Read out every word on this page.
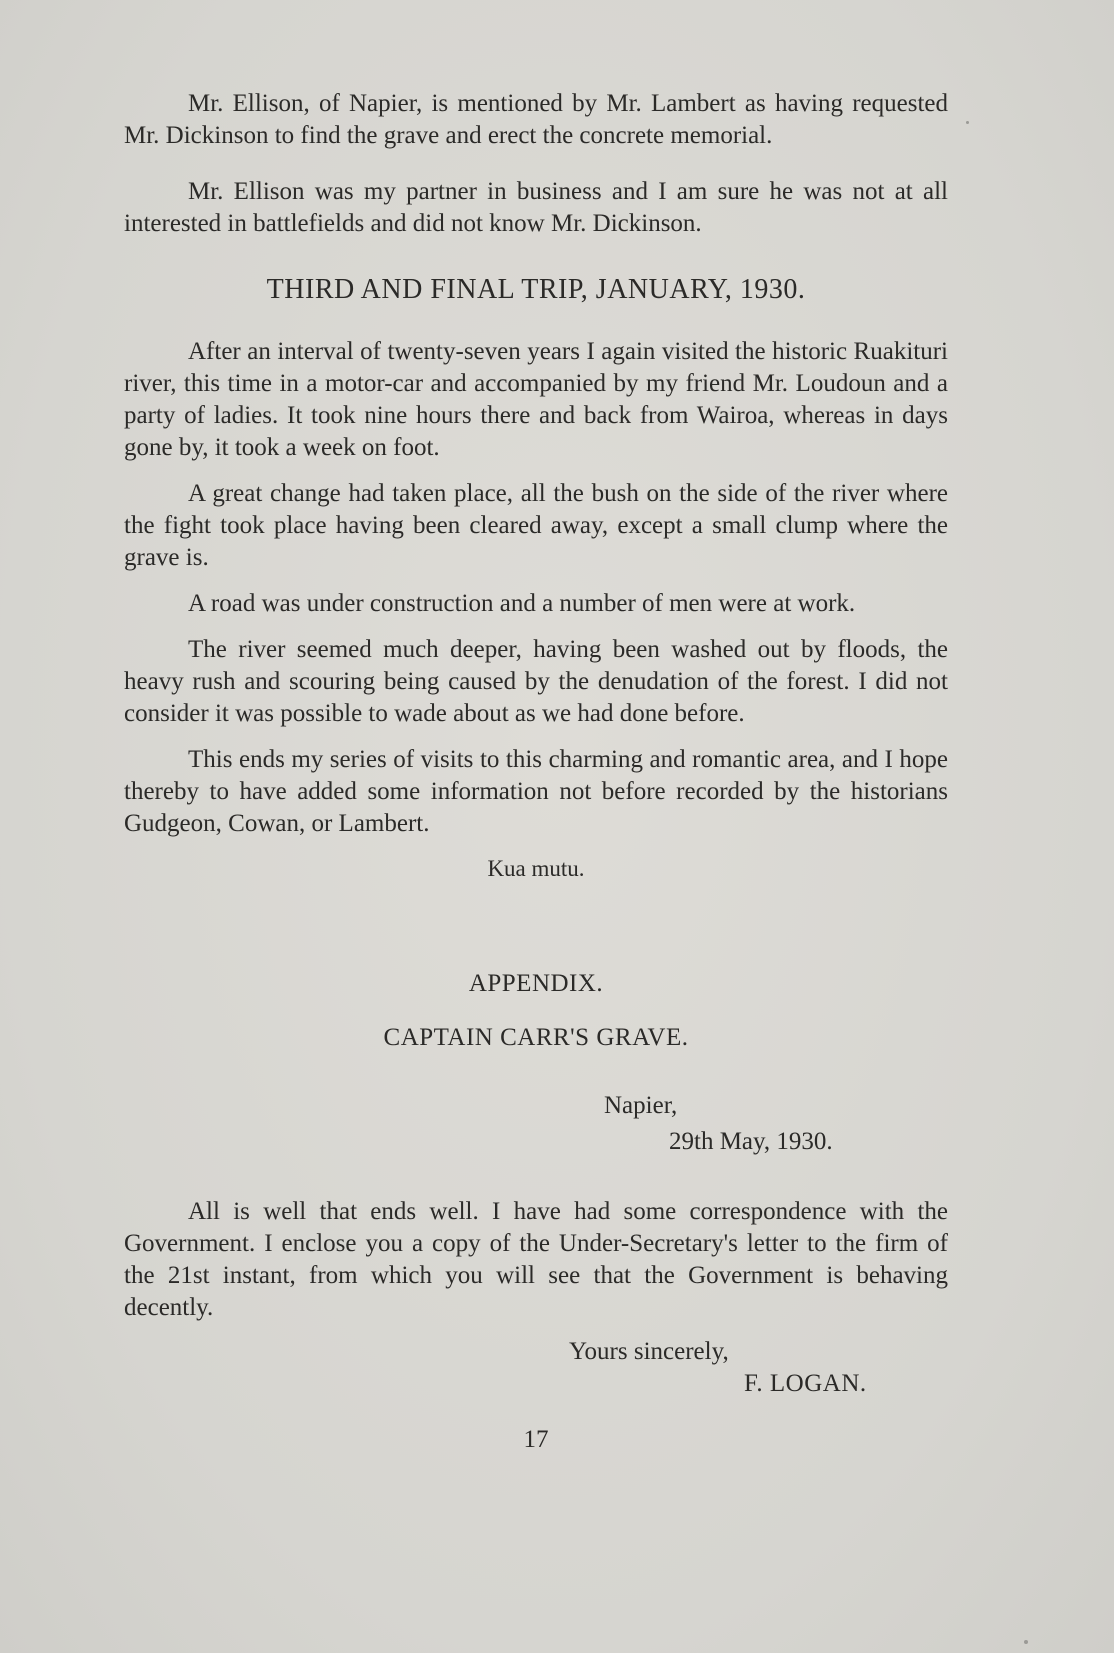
Mr. Ellison, of Napier, is mentioned by Mr. Lambert as having requested Mr. Dickinson to find the grave and erect the concrete memorial.

Mr. Ellison was my partner in business and I am sure he was not at all interested in battlefields and did not know Mr. Dickinson.

THIRD AND FINAL TRIP, JANUARY, 1930.

After an interval of twenty-seven years I again visited the historic Ruakituri river, this time in a motor-car and accompanied by my friend Mr. Loudoun and a party of ladies. It took nine hours there and back from Wairoa, whereas in days gone by, it took a week on foot.

A great change had taken place, all the bush on the side of the river where the fight took place having been cleared away, except a small clump where the grave is.

A road was under construction and a number of men were at work.

The river seemed much deeper, having been washed out by floods, the heavy rush and scouring being caused by the denudation of the forest. I did not consider it was possible to wade about as we had done before.

This ends my series of visits to this charming and romantic area, and I hope thereby to have added some information not before recorded by the historians Gudgeon, Cowan, or Lambert.

Kua mutu.
APPENDIX.
CAPTAIN CARR'S GRAVE.
Napier,
29th May, 1930.

All is well that ends well. I have had some correspondence with the Government. I enclose you a copy of the Under-Secretary's letter to the firm of the 21st instant, from which you will see that the Government is behaving decently.

Yours sincerely,
F. LOGAN.
17
